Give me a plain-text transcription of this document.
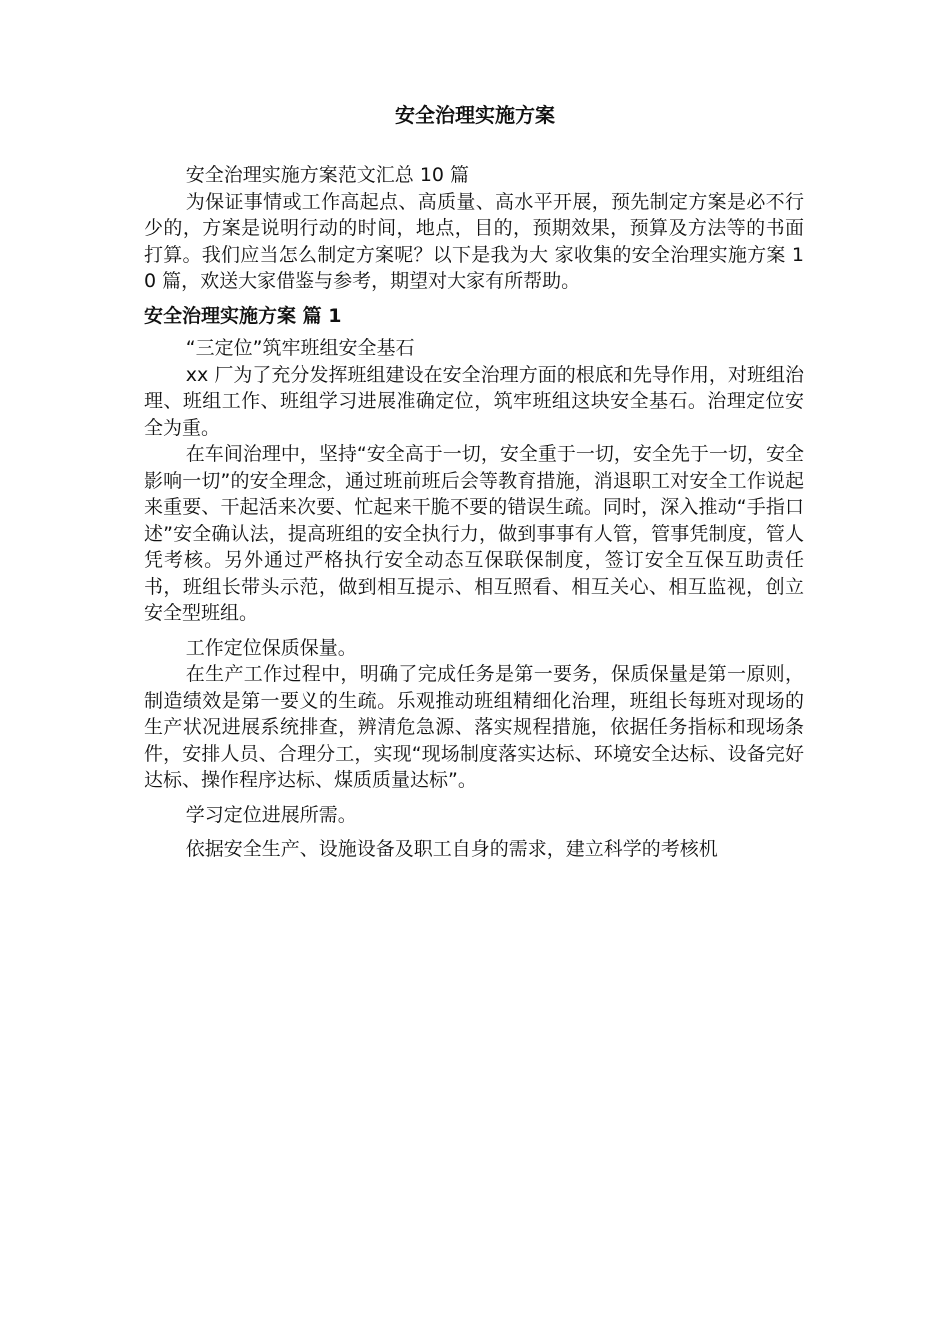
安全治理实施方案

安全治理实施方案范文汇总 10 篇

为保证事情或工作高起点、高质量、高水平开展，预先制定方案是必不行少的，方案是说明行动的时间，地点，目的，预期效果，预算及方法等的书面打算。我们应当怎么制定方案呢？以下是我为大 家收集的安全治理实施方案 10 篇，欢送大家借鉴与参考，期望对大家有所帮助。

安全治理实施方案 篇 1

“三定位”筑牢班组安全基石

xx 厂为了充分发挥班组建设在安全治理方面的根底和先导作用，对班组治理、班组工作、班组学习进展准确定位，筑牢班组这块安全基石。治理定位安全为重。

在车间治理中，坚持“安全高于一切，安全重于一切，安全先于一切，安全影响一切”的安全理念，通过班前班后会等教育措施，消退职工对安全工作说起来重要、干起活来次要、忙起来干脆不要的错误生疏。同时，深入推动“手指口述”安全确认法，提高班组的安全执行力，做到事事有人管，管事凭制度，管人凭考核。另外通过严格执行安全动态互保联保制度，签订安全互保互助责任书，班组长带头示范，做到相互提示、相互照看、相互关心、相互监视，创立安全型班组。

工作定位保质保量。

在生产工作过程中，明确了完成任务是第一要务，保质保量是第一原则，制造绩效是第一要义的生疏。乐观推动班组精细化治理，班组长每班对现场的生产状况进展系统排查，辨清危急源、落实规程措施，依据任务指标和现场条件，安排人员、合理分工，实现“现场制度落实达标、环境安全达标、设备完好达标、操作程序达标、煤质质量达标”。

学习定位进展所需。

依据安全生产、设施设备及职工自身的需求，建立科学的考核机
